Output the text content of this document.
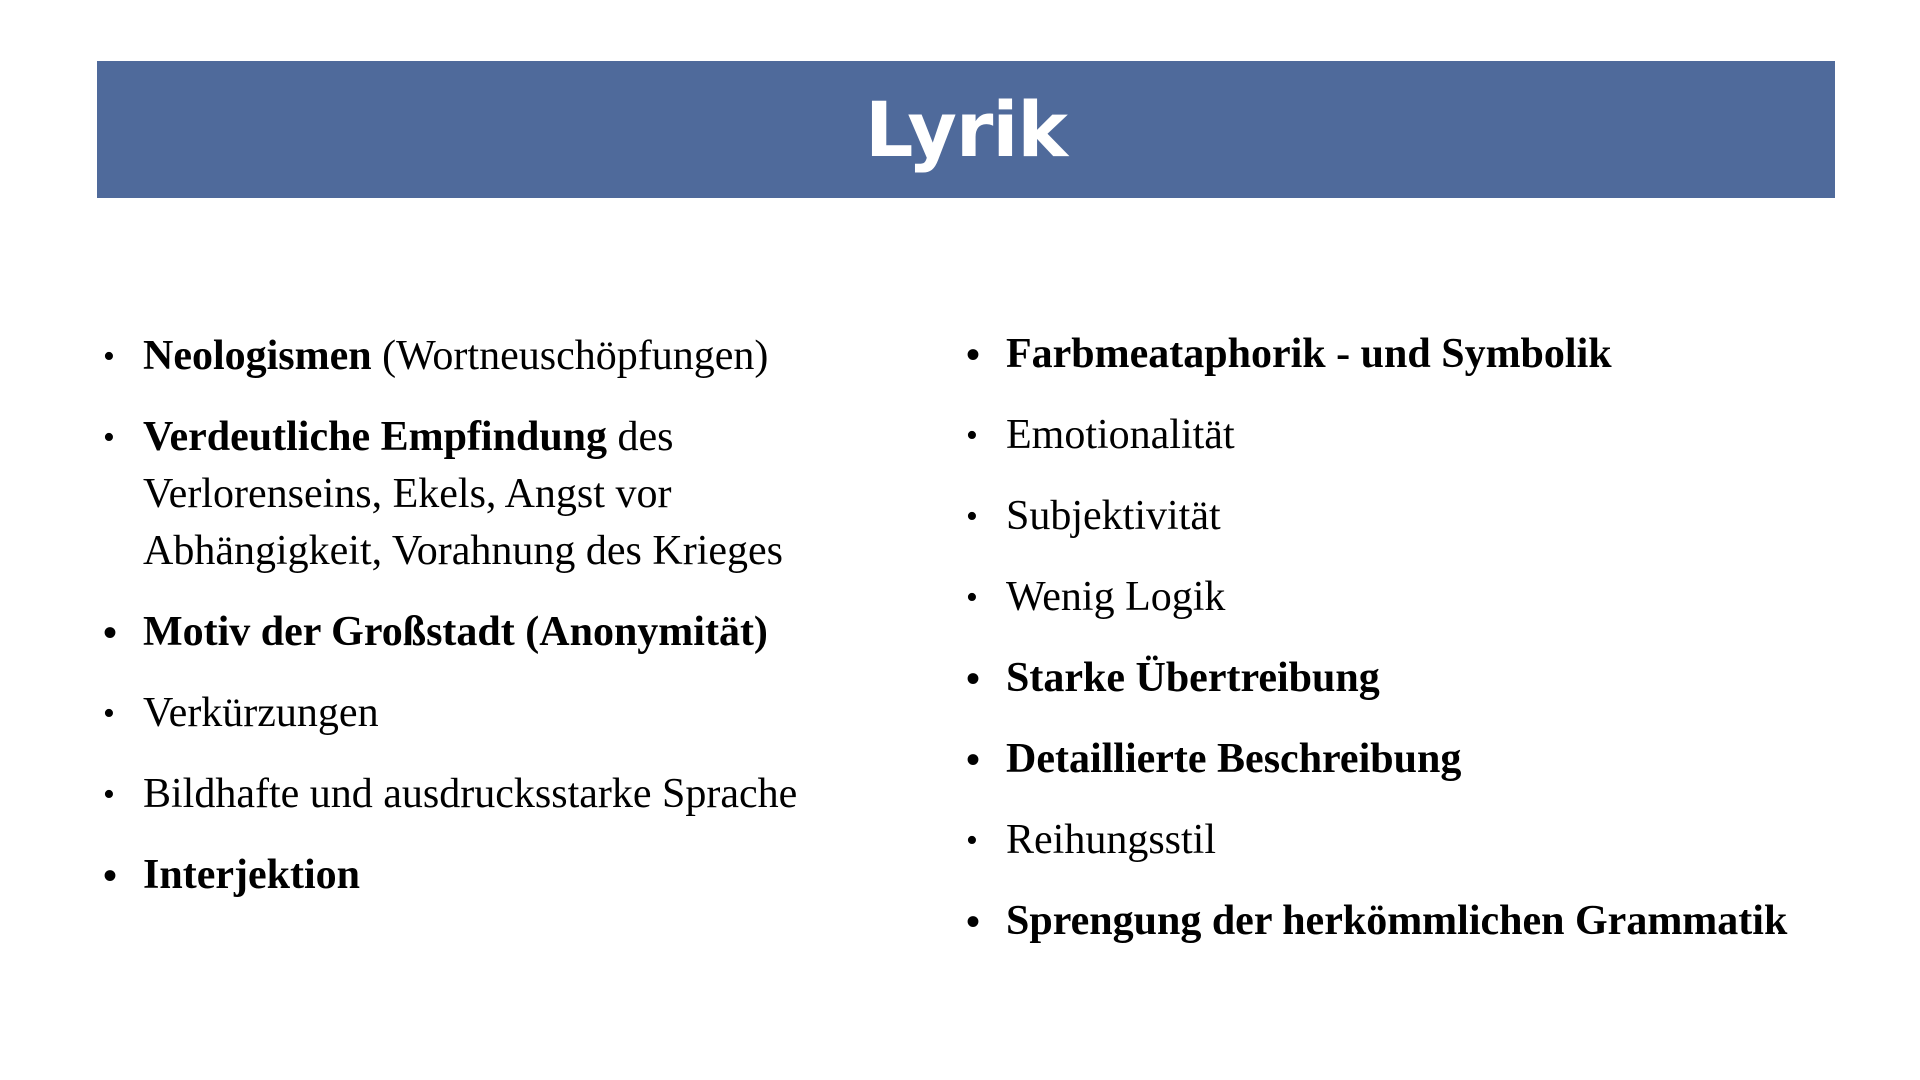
Lyrik
• Neologismen (Wortneuschöpfungen)
• Verdeutliche Empfindung des
Verlorenseins, Ekels, Angst vor
Abhängigkeit, Vorahnung des Krieges
• Motiv der Großstadt (Anonymität)
• Verkürzungen
• Bildhafte und ausdrucksstarke Sprache
• Interjektion
• Farbmeataphorik - und Symbolik
• Emotionalität
• Subjektivität
• Wenig Logik
• Starke Übertreibung
• Detaillierte Beschreibung
• Reihungsstil
• Sprengung der herkömmlichen Grammatik
